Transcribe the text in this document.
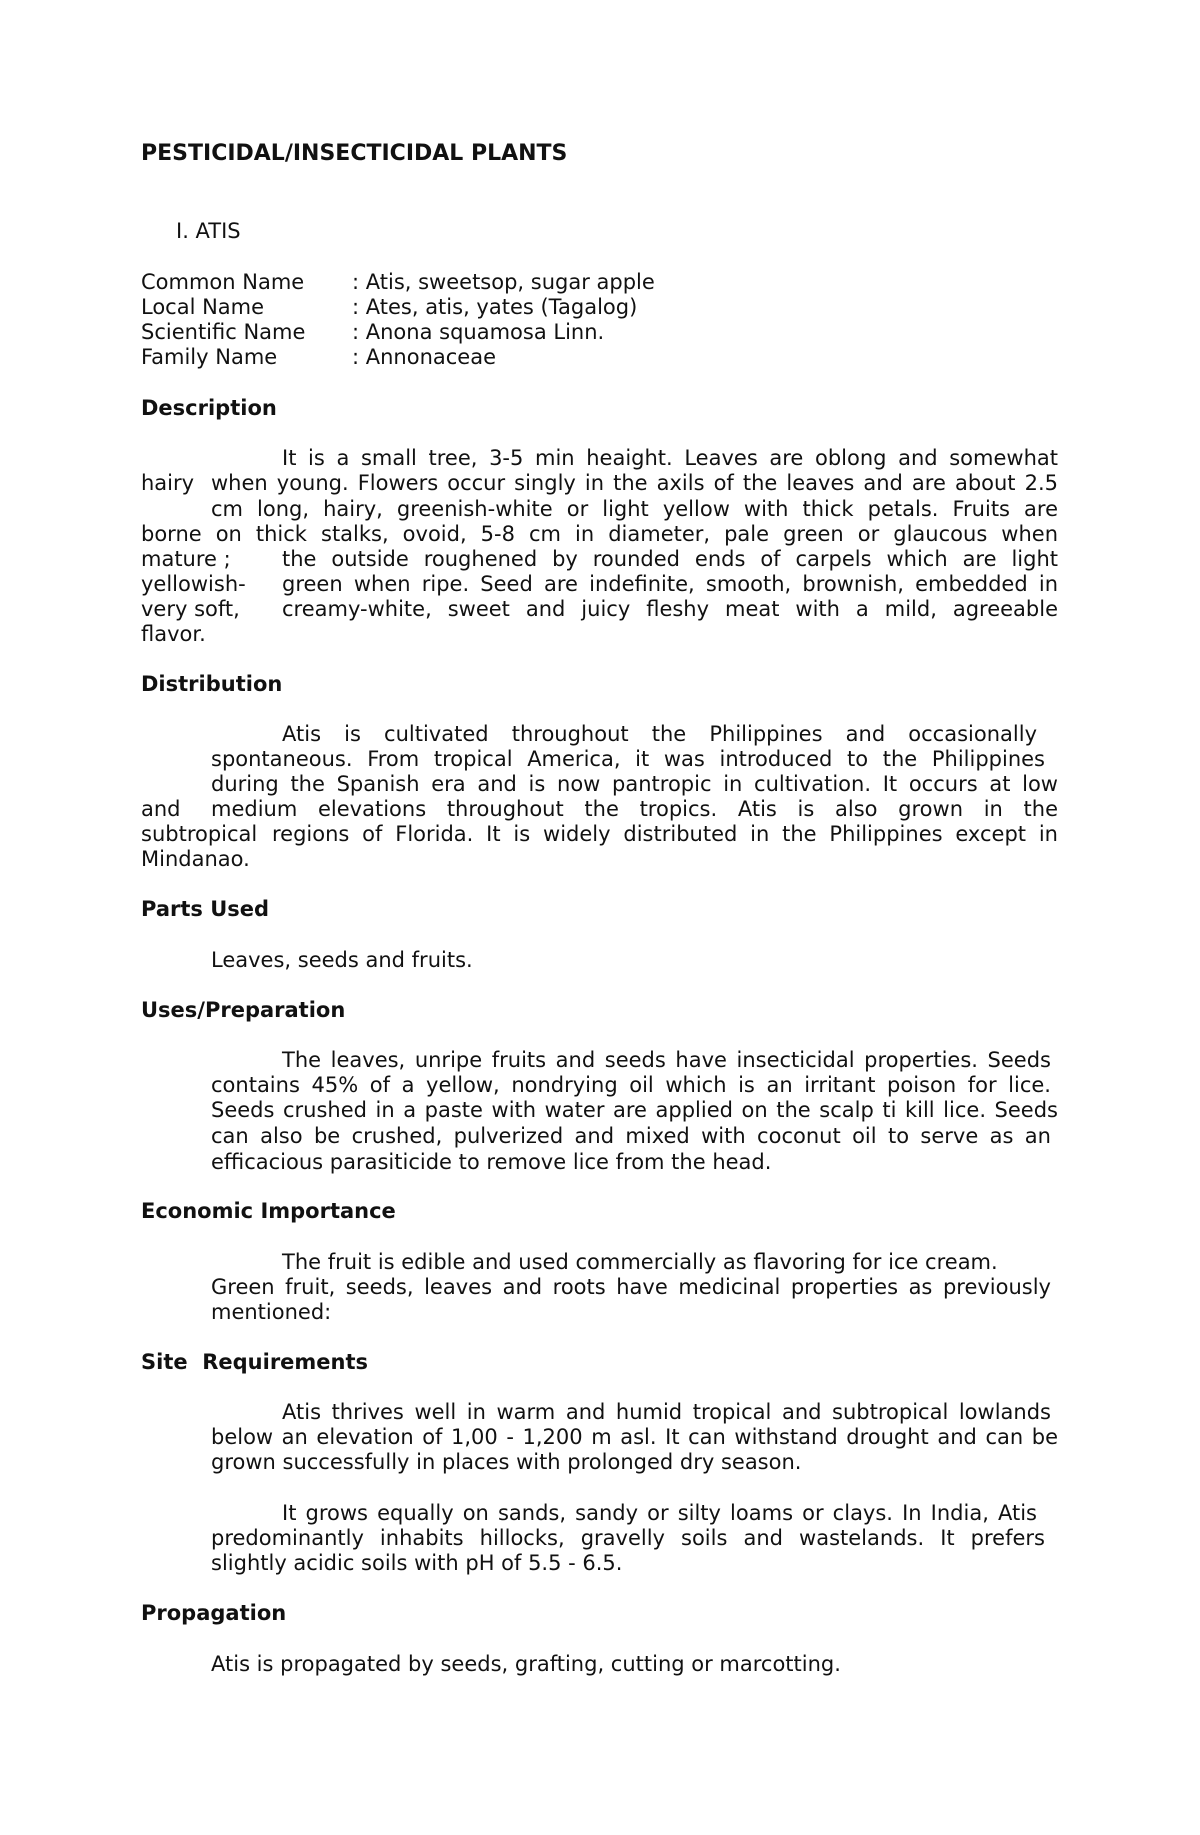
PESTICIDAL/INSECTICIDAL PLANTS

I. ATIS

Common Name : Atis, sweetsop, sugar apple

Local Name	: Ates, atis, yates (Tagalog)

Scientific Name : Anona squamosa Linn.

Family Name	: Annonaceae

Description

It is a small tree, 3-5 min heaight. Leaves are oblong and somewhat

hairy when young. Flowers occur singly in the axils of the leaves and are about 2.5

cm long, hairy, greenish-white or light yellow with thick petals. Fruits are

borne on thick stalks, ovoid, 5-8 cm in diameter, pale green or glaucous when

mature ; the outside roughened by rounded ends of carpels which are light

yellowish- green when ripe. Seed are indefinite, smooth, brownish, embedded in

very soft, creamy-white, sweet and juicy fleshy meat with a mild, agreeable

flavor.

Distribution

Atis is cultivated throughout the Philippines and occasionally

spontaneous. From tropical America, it was introduced to the Philippines

during the Spanish era and is now pantropic in cultivation. It occurs at low

and medium elevations throughout the tropics. Atis is also grown in the

subtropical regions of Florida. It is widely distributed in the Philippines except in

Mindanao.

Parts Used

Leaves, seeds and fruits.

Uses/Preparation

The leaves, unripe fruits and seeds have insecticidal properties. Seeds

contains 45% of a yellow, nondrying oil which is an irritant poison for lice.

Seeds crushed in a paste with water are applied on the scalp ti kill lice. Seeds

can also be crushed, pulverized and mixed with coconut oil to serve as an

efficacious parasiticide to remove lice from the head.

Economic Importance

The fruit is edible and used commercially as flavoring for ice cream.

Green fruit, seeds, leaves and roots have medicinal properties as previously

mentioned:

Site  Requirements

Atis thrives well in warm and humid tropical and subtropical lowlands

below an elevation of 1,00 - 1,200 m asl. It can withstand drought and can be

grown successfully in places with prolonged dry season.

It grows equally on sands, sandy or silty loams or clays. In India, Atis

predominantly inhabits hillocks, gravelly soils and wastelands. It prefers

slightly acidic soils with pH of 5.5 - 6.5.

Propagation

Atis is propagated by seeds, grafting, cutting or marcotting.
